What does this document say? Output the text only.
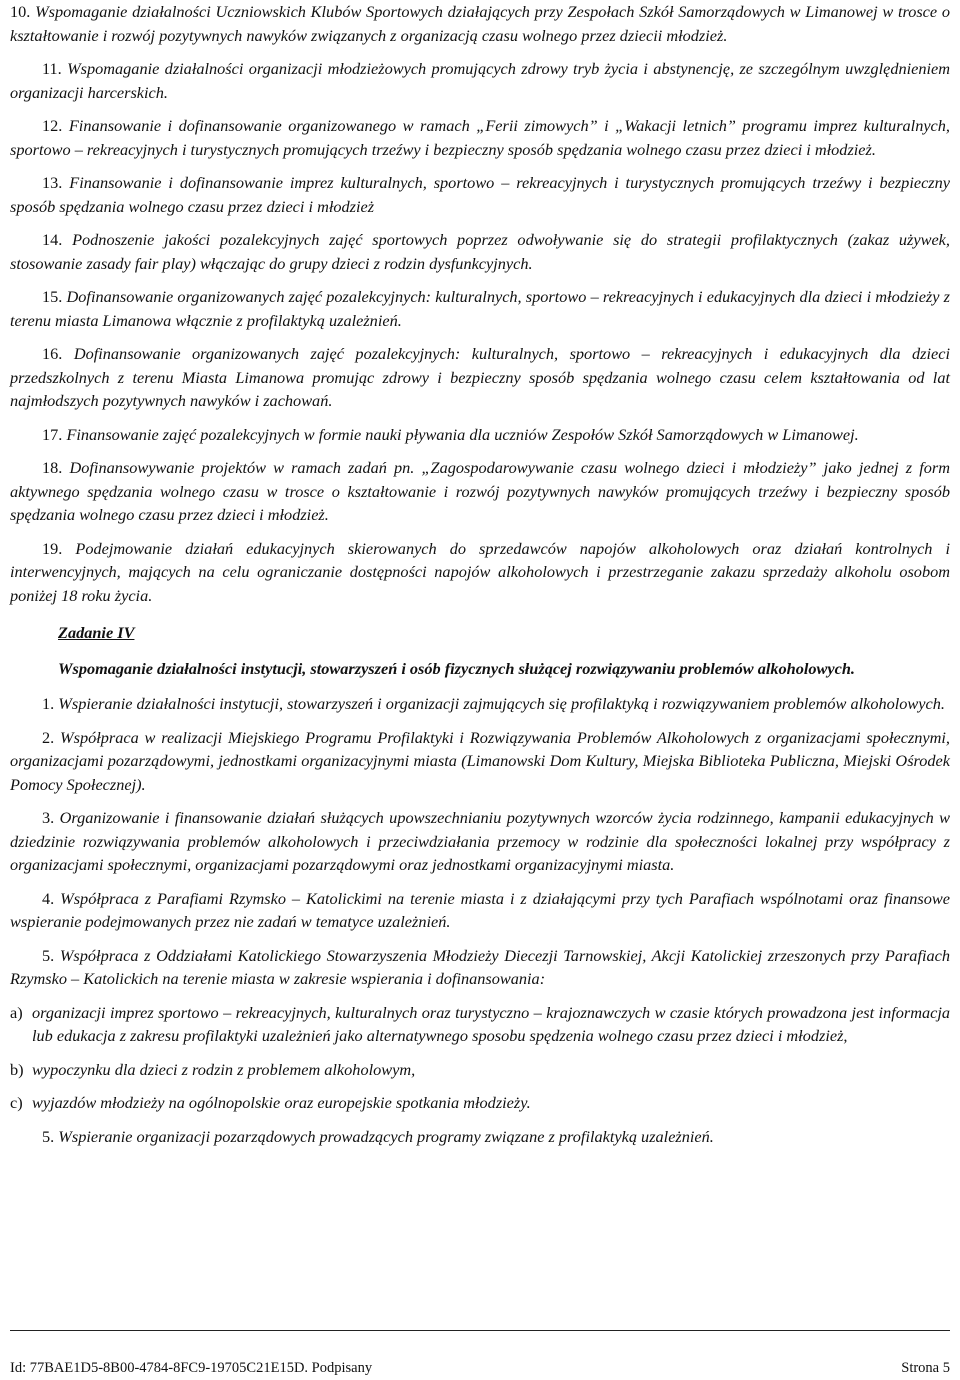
10. Wspomaganie działalności Uczniowskich Klubów Sportowych działających przy Zespołach Szkół Samorządowych w Limanowej w trosce o kształtowanie i rozwój pozytywnych nawyków związanych z organizacją czasu wolnego przez dziecii młodzież.

11. Wspomaganie działalności organizacji młodzieżowych promujących zdrowy tryb życia i abstynencję, ze szczególnym uwzględnieniem organizacji harcerskich.

12. Finansowanie i dofinansowanie organizowanego w ramach „Ferii zimowych” i „Wakacji letnich” programu imprez kulturalnych, sportowo – rekreacyjnych i turystycznych promujących trzeźwy i bezpieczny sposób spędzania wolnego czasu przez dzieci i młodzież.

13. Finansowanie i dofinansowanie imprez kulturalnych, sportowo – rekreacyjnych i turystycznych promujących trzeźwy i bezpieczny sposób spędzania wolnego czasu przez dzieci i młodzież

14. Podnoszenie jakości pozalekcyjnych zajęć sportowych poprzez odwoływanie się do strategii profilaktycznych (zakaz używek, stosowanie zasady fair play) włączając do grupy dzieci z rodzin dysfunkcyjnych.

15. Dofinansowanie organizowanych zajęć pozalekcyjnych: kulturalnych, sportowo – rekreacyjnych i edukacyjnych dla dzieci i młodzieży z terenu miasta Limanowa włącznie z profilaktyką uzależnień.

16. Dofinansowanie organizowanych zajęć pozalekcyjnych: kulturalnych, sportowo – rekreacyjnych i edukacyjnych dla dzieci przedszkolnych z terenu Miasta Limanowa promując zdrowy i bezpieczny sposób spędzania wolnego czasu celem kształtowania od lat najmłodszych pozytywnych nawyków i zachowań.

17. Finansowanie zajęć pozalekcyjnych w formie nauki pływania dla uczniów Zespołów Szkół Samorządowych w Limanowej.

18. Dofinansowywanie projektów w ramach zadań pn. „Zagospodarowywanie czasu wolnego dzieci i młodzieży” jako jednej z form aktywnego spędzania wolnego czasu w trosce o kształtowanie i rozwój pozytywnych nawyków promujących trzeźwy i bezpieczny sposób spędzania wolnego czasu przez dzieci i młodzież.

19. Podejmowanie działań edukacyjnych skierowanych do sprzedawców napojów alkoholowych oraz działań kontrolnych i interwencyjnych, mających na celu ograniczanie dostępności napojów alkoholowych i przestrzeganie zakazu sprzedaży alkoholu osobom poniżej 18 roku życia.

Zadanie IV
Wspomaganie działalności instytucji, stowarzyszeń i osób fizycznych służącej rozwiązywaniu problemów alkoholowych.

1. Wspieranie działalności instytucji, stowarzyszeń i organizacji zajmujących się profilaktyką i rozwiązywaniem problemów alkoholowych.

2. Współpraca w realizacji Miejskiego Programu Profilaktyki i Rozwiązywania Problemów Alkoholowych z organizacjami społecznymi, organizacjami pozarządowymi, jednostkami organizacyjnymi miasta (Limanowski Dom Kultury, Miejska Biblioteka Publiczna, Miejski Ośrodek Pomocy Społecznej).

3. Organizowanie i finansowanie działań służących upowszechnianiu pozytywnych wzorców życia rodzinnego, kampanii edukacyjnych w dziedzinie rozwiązywania problemów alkoholowych i przeciwdziałania przemocy w rodzinie dla społeczności lokalnej przy współpracy z organizacjami społecznymi, organizacjami pozarządowymi oraz jednostkami organizacyjnymi miasta.

4. Współpraca z Parafiami Rzymsko – Katolickimi na terenie miasta i z działającymi przy tych Parafiach wspólnotami oraz finansowe wspieranie podejmowanych przez nie zadań w tematyce uzależnień.

5. Współpraca z Oddziałami Katolickiego Stowarzyszenia Młodzieży Diecezji Tarnowskiej, Akcji Katolickiej zrzeszonych przy Parafiach Rzymsko – Katolickich na terenie miasta w zakresie wspierania i dofinansowania:

a) organizacji imprez sportowo – rekreacyjnych, kulturalnych oraz turystyczno – krajoznawczych w czasie których prowadzona jest informacja lub edukacja z zakresu profilaktyki uzależnień jako alternatywnego sposobu spędzenia wolnego czasu przez dzieci i młodzież,

b) wypoczynku dla dzieci z rodzin z problemem alkoholowym,

c) wyjazdów młodzieży na ogólnopolskie oraz europejskie spotkania młodzieży.

5. Wspieranie organizacji pozarządowych prowadzących programy związane z profilaktyką uzależnień.

Id: 77BAE1D5-8B00-4784-8FC9-19705C21E15D. Podpisany	Strona 5
